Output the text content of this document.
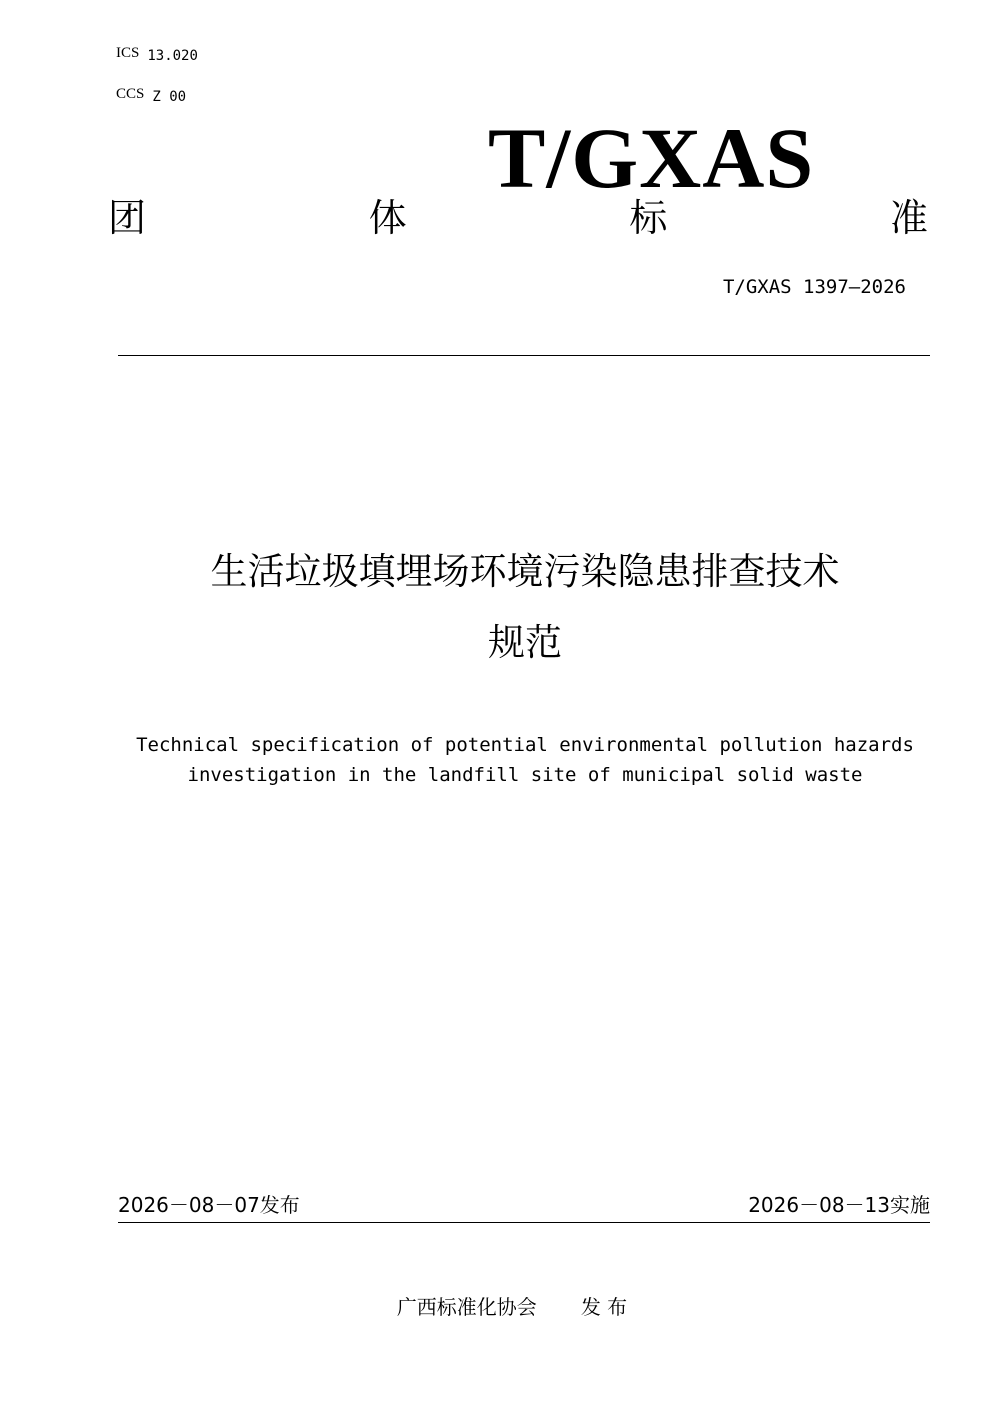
ICS 13.020
CCS Z 00
T/GXAS
团	体	标	准
T/GXAS 1397—2026
生活垃圾填埋场环境污染隐患排查技术
规范
Technical specification of potential environmental pollution hazards
investigation in the landfill site of municipal solid waste
2026－08－07发布	2026－08－13实施
广西标准化协会 发 布
